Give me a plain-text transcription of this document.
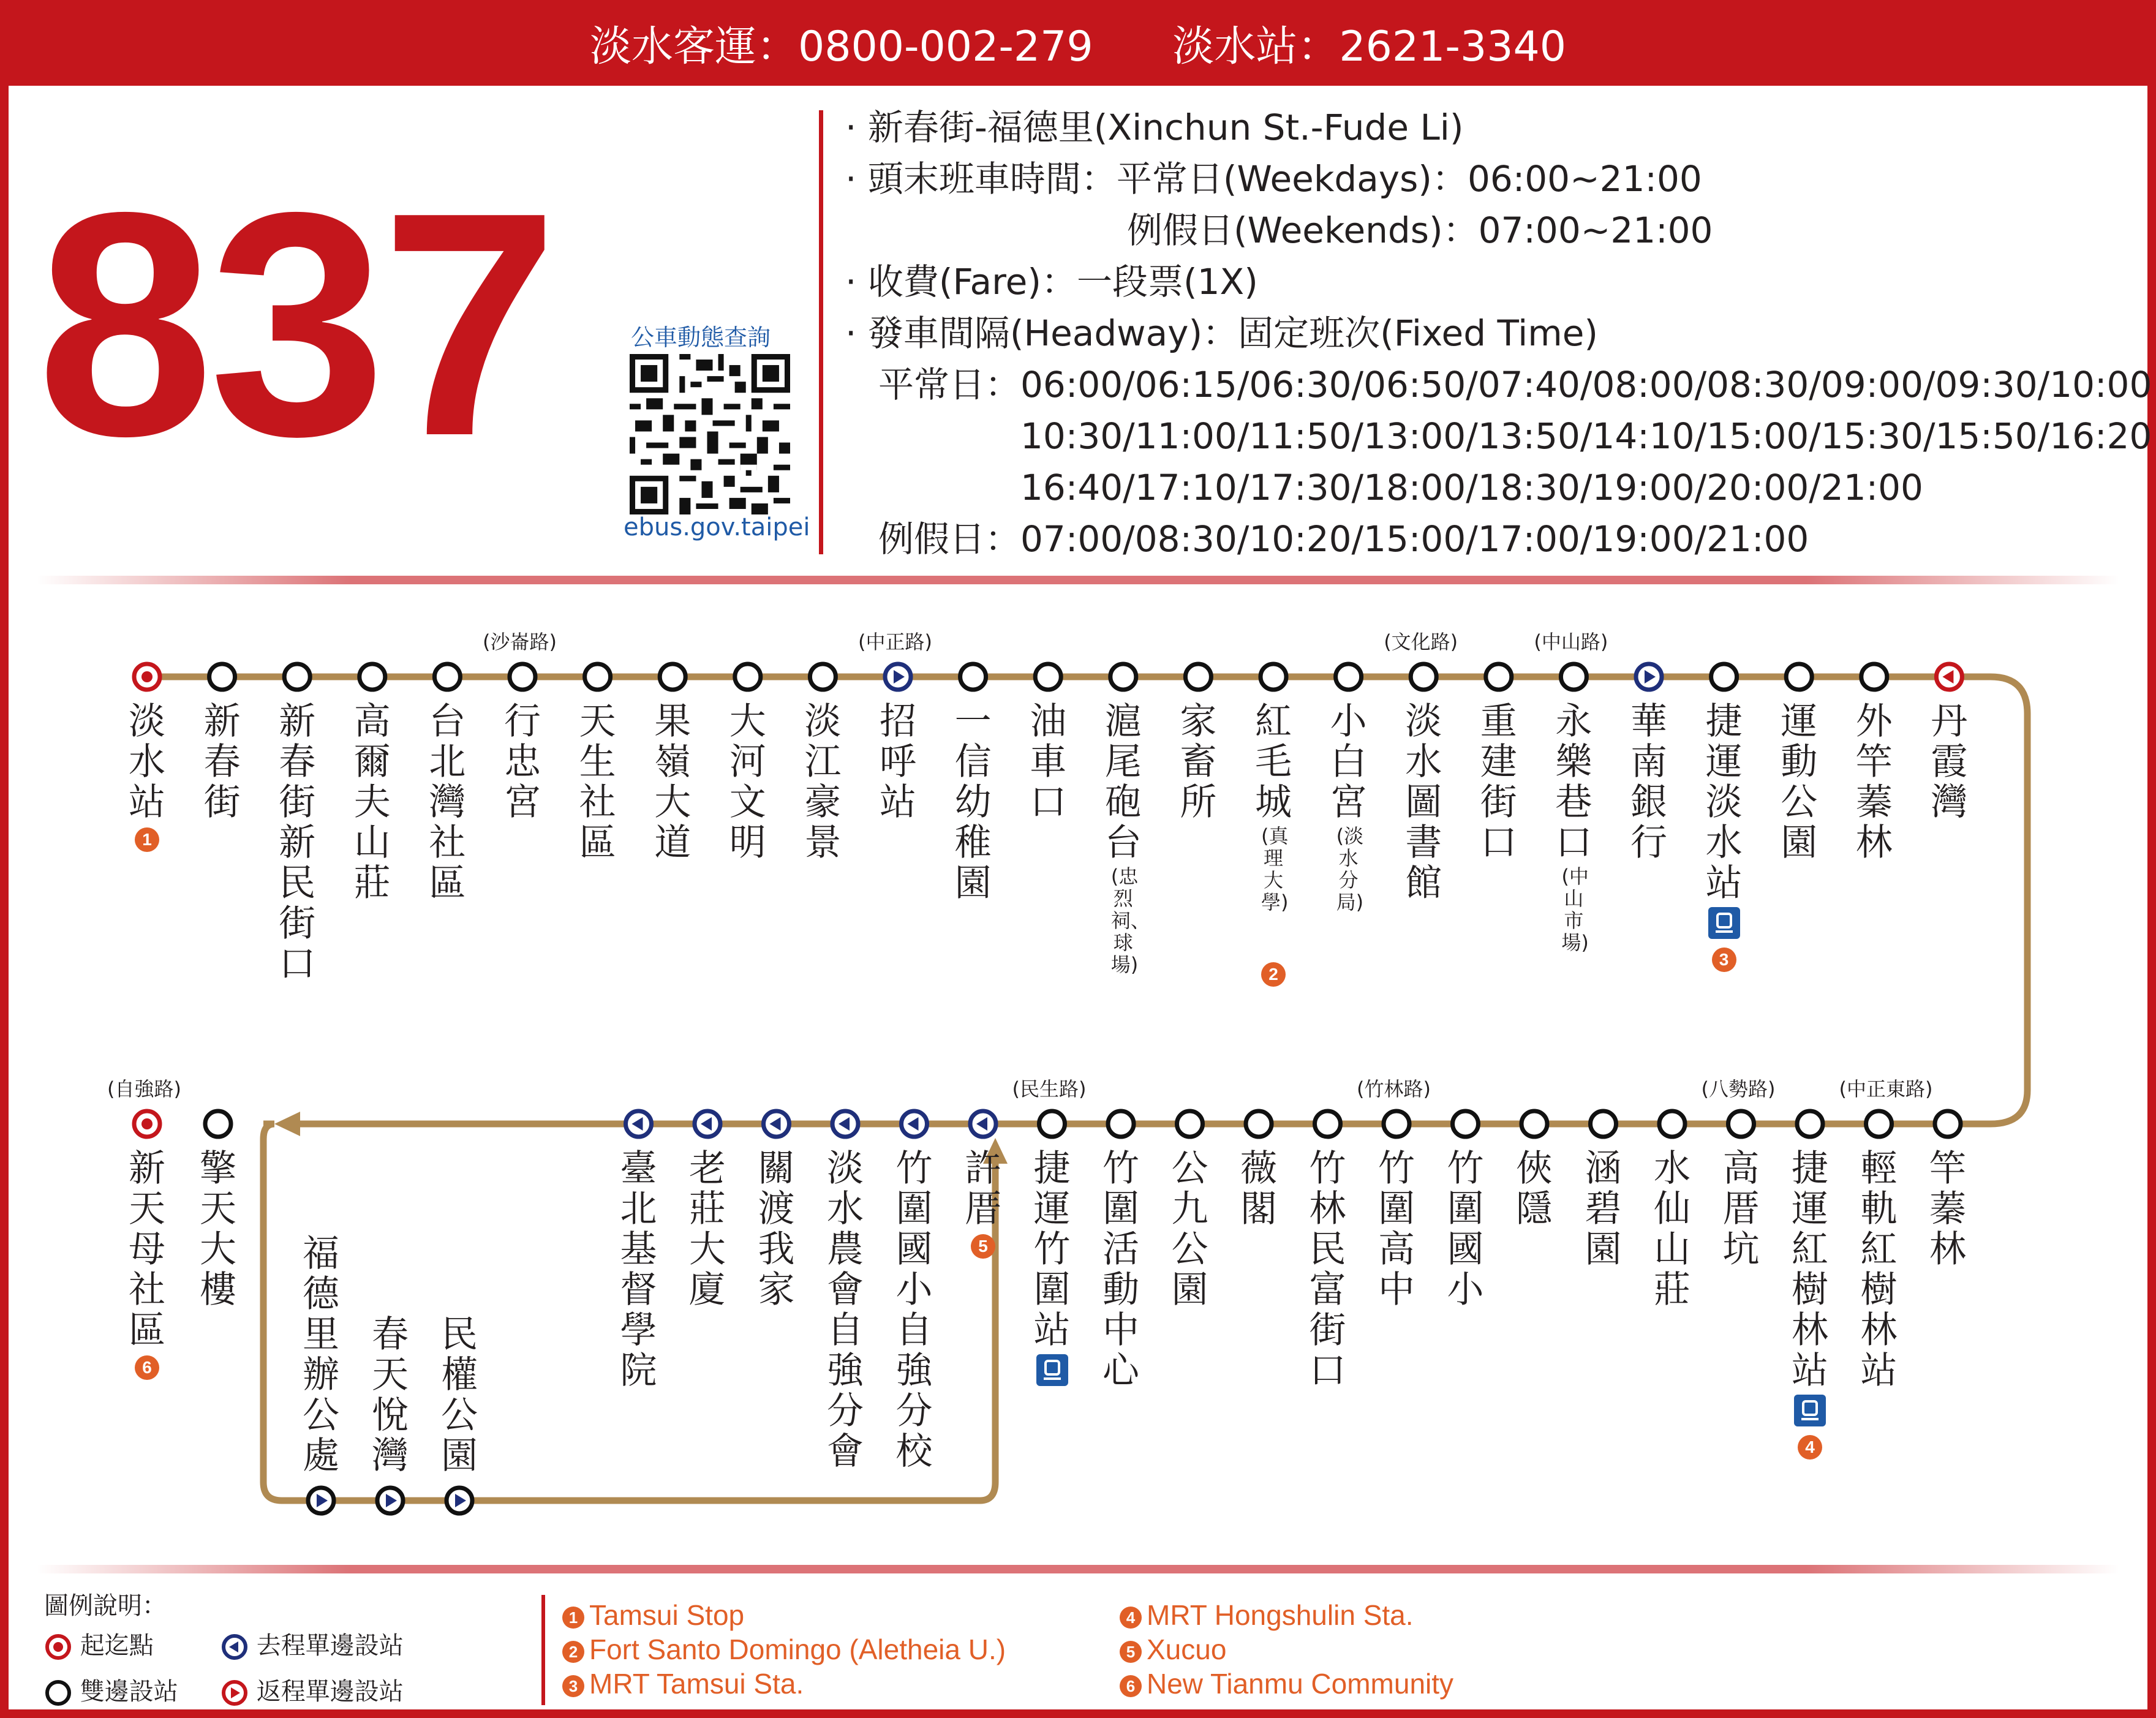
淡水客運：0800-002-279 淡水站：2621-3340
837	公車動態查詢
ebus.gov.taipei
· 新春街-福德里(Xinchun St.-Fude Li)
· 頭末班車時間：平常日(Weekdays)：06:00~21:00
例假日(Weekends)：07:00~21:00
· 收費(Fare)：一段票(1X)
· 發車間隔(Headway)：固定班次(Fixed Time)
平常日：06:00/06:15/06:30/06:50/07:40/08:00/08:30/09:00/09:30/10:00
10:30/11:00/11:50/13:00/13:50/14:10/15:00/15:30/15:50/16:20
16:40/17:10/17:30/18:00/18:30/19:00/20:00/21:00
例假日：07:00/08:30/10:20/15:00/17:00/19:00/21:00
淡水站
1
新春街
新春街新民街口
高爾夫山莊
台北灣社區
行忠宮
(沙崙路)
天生社區
果嶺大道
大河文明
淡江豪景
招呼站
(中正路)
一信幼稚園
油車口
滬尾砲台
(忠烈祠、球場)
家畜所
紅毛城
(真理大學)
2
小白宮
(淡水分局)
淡水圖書館
(文化路)
重建街口
永樂巷口
(中山市場)
(中山路)
華南銀行
捷運淡水站
3
運動公園
外竿蓁林
丹霞灣
竿蓁林
輕軌紅樹林站
(中正東路)
捷運紅樹林站
4
高厝坑
(八勢路)
水仙山莊
涵碧園
俠隱
竹圍國小
竹圍高中
(竹林路)
竹林民富街口
薇閣
公九公園
竹圍活動中心
捷運竹圍站
(民生路)
許厝
5
竹圍國小自強分校
淡水農會自強分會
關渡我家
老莊大廈
臺北基督學院
擎天大樓
新天母社區
6
(自強路)
民權公園
春天悅灣
福德里辦公處
圖例說明：
起迄點
雙邊設站
去程單邊設站
返程單邊設站
1 Tamsui Stop
2 Fort Santo Domingo (Aletheia U.)
3 MRT Tamsui Sta.
4 MRT Hongshulin Sta.
5 Xucuo
6 New Tianmu Community
